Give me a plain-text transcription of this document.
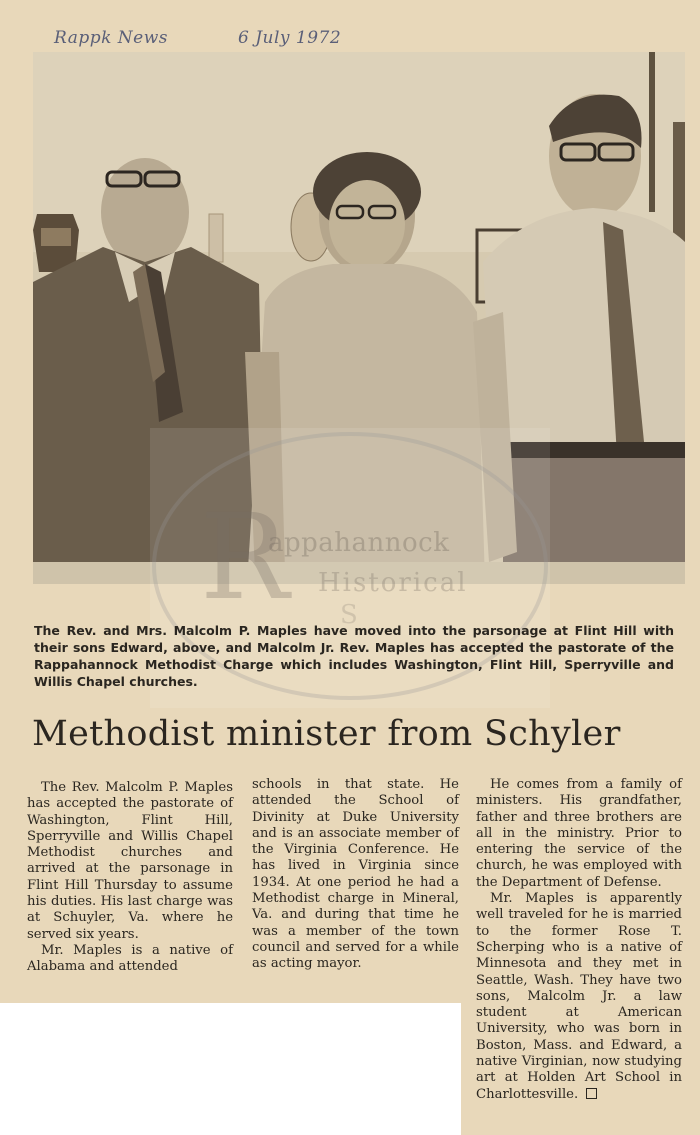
Rappk News	6 July 1972
R
appahannock
Historical
S
The Rev. and Mrs. Malcolm P. Maples have moved into the parsonage at Flint Hill with their sons Edward, above, and Malcolm Jr. Rev. Maples has accepted the pastorate of the Rappahannock Methodist Charge which includes Washington, Flint Hill, Sperryville and Willis Chapel churches.
Methodist minister from Schyler

The Rev. Malcolm P. Maples has accepted the pastorate of Washington, Flint Hill, Sperryville and Willis Chapel Methodist churches and arrived at the parsonage in Flint Hill Thursday to assume his duties. His last charge was at Schuyler, Va. where he served six years.

Mr. Maples is a native of Alabama and attended

schools in that state. He attended the School of Divinity at Duke University and is an associate member of the Virginia Conference. He has lived in Virginia since 1934. At one period he had a Methodist charge in Mineral, Va. and during that time he was a member of the town council and served for a while as acting mayor.

He comes from a family of ministers. His grandfather, father and three brothers are all in the ministry. Prior to entering the service of the church, he was employed with the Department of Defense.

Mr. Maples is apparently well traveled for he is married to the former Rose T. Scherping who is a native of Minnesota and they met in Seattle, Wash. They have two sons, Malcolm Jr. a law student at American University, who was born in Boston, Mass. and Edward, a native Virginian, now studying art at Holden Art School in Charlottesville.
